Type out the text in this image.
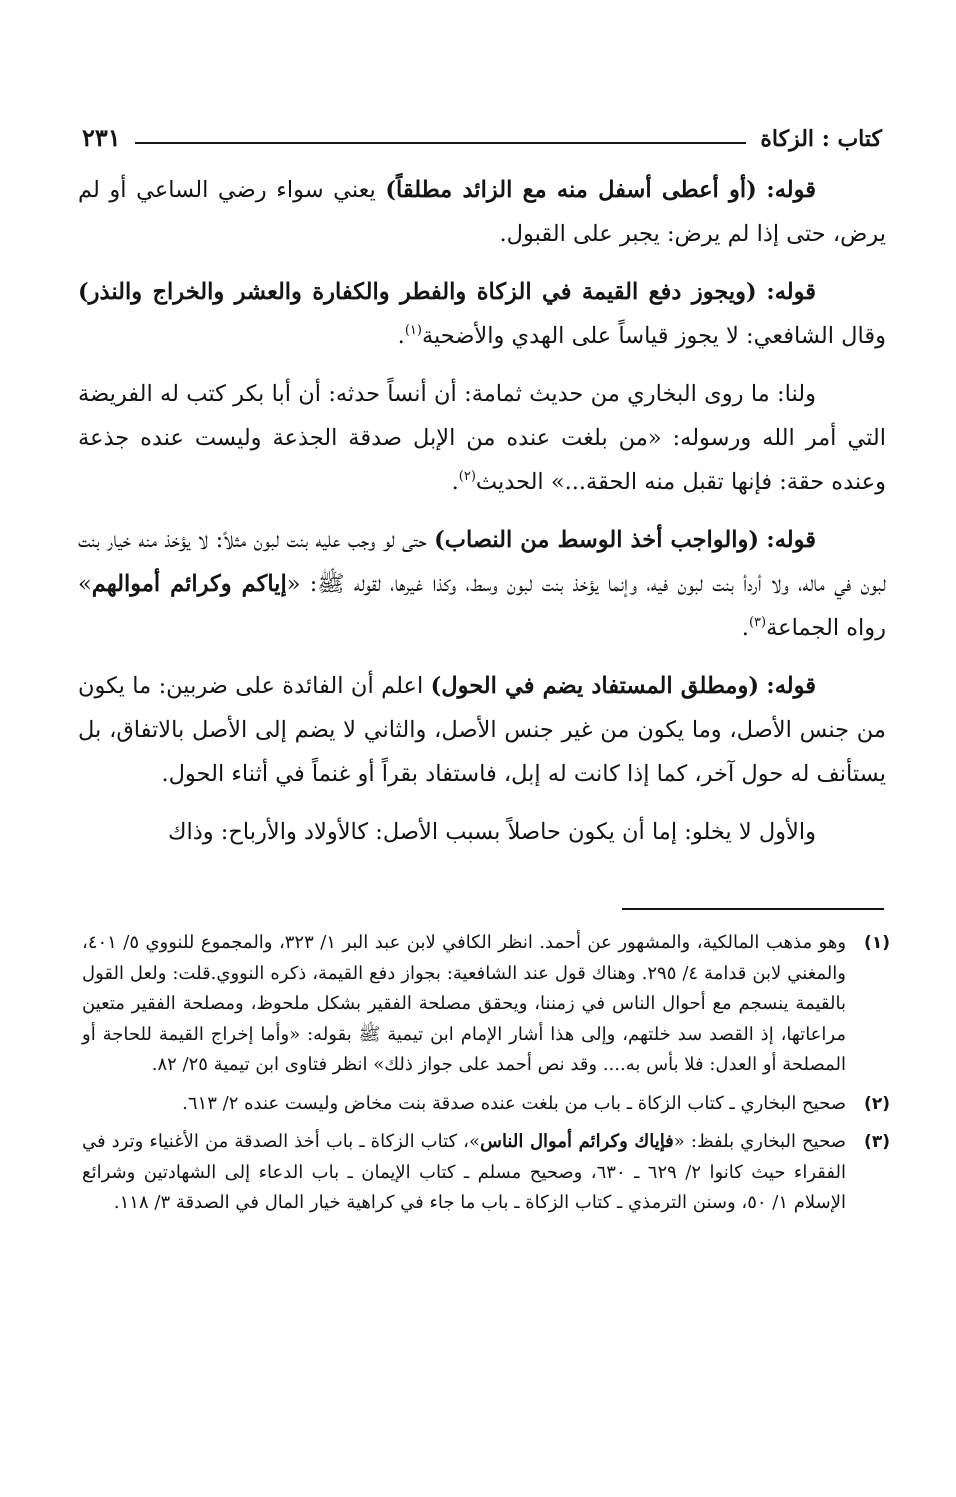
كتاب : الزكاة
٢٣١

قوله: (أو أعطى أسفل منه مع الزائد مطلقاً) يعني سواء رضي الساعي أو لم يرض، حتى إذا لم يرض: يجبر على القبول.

قوله: (ويجوز دفع القيمة في الزكاة والفطر والكفارة والعشر والخراج والنذر) وقال الشافعي: لا يجوز قياساً على الهدي والأضحية( $^١$ ).

ولنا: ما روى البخاري من حديث ثمامة: أن أنساً حدثه: أن أبا بكر كتب له الفريضة التي أمر الله ورسوله: «من بلغت عنده من الإبل صدقة الجذعة وليست عنده جذعة وعنده حقة: فإنها تقبل منه الحقة...» الحديث( $^٢$ ).

قوله: (والواجب أخذ الوسط من النصاب) حتى لو وجب عليه بنت لبون مثلاً: لا يؤخذ منه خيار بنت لبون في ماله، ولا أردأ بنت لبون فيه، وإنما يؤخذ بنت لبون وسط، وكذا غيرها، لقوله ﷺ: «إياكم وكرائم أموالهم» رواه الجماعة( $^٣$ ).

قوله: (ومطلق المستفاد يضم في الحول) اعلم أن الفائدة على ضربين: ما يكون من جنس الأصل، وما يكون من غير جنس الأصل، والثاني لا يضم إلى الأصل بالاتفاق، بل يستأنف له حول آخر، كما إذا كانت له إبل، فاستفاد بقراً أو غنماً في أثناء الحول.

والأول لا يخلو: إما أن يكون حاصلاً بسبب الأصل: كالأولاد والأرباح: وذاك

(١)
وهو مذهب المالكية، والمشهور عن أحمد. انظر الكافي لابن عبد البر ١/ ٣٢٣، والمجموع للنووي ٥/ ٤٠١، والمغني لابن قدامة ٤/ ٢٩٥. وهناك قول عند الشافعية: بجواز دفع القيمة، ذكره النووي.قلت: ولعل القول بالقيمة ينسجم مع أحوال الناس في زمننا، ويحقق مصلحة الفقير بشكل ملحوظ، ومصلحة الفقير متعين مراعاتها، إذ القصد سد خلتهم، وإلى هذا أشار الإمام ابن تيمية ﷺ بقوله: «وأما إخراج القيمة للحاجة أو المصلحة أو العدل: فلا بأس به.... وقد نص أحمد على جواز ذلك» انظر فتاوى ابن تيمية ٢٥/ ٨٢.
(٢)
صحيح البخاري ـ كتاب الزكاة ـ باب من بلغت عنده صدقة بنت مخاض وليست عنده ٢/ ٦١٣.
(٣)
صحيح البخاري بلفظ: «فإياك وكرائم أموال الناس»، كتاب الزكاة ـ باب أخذ الصدقة من الأغنياء وترد في الفقراء حيث كانوا ٢/ ٦٢٩ ـ ٦٣٠، وصحيح مسلم ـ كتاب الإيمان ـ باب الدعاء إلى الشهادتين وشرائع الإسلام ١/ ٥٠، وسنن الترمذي ـ كتاب الزكاة ـ باب ما جاء في كراهية خيار المال في الصدقة ٣/ ١١٨.
